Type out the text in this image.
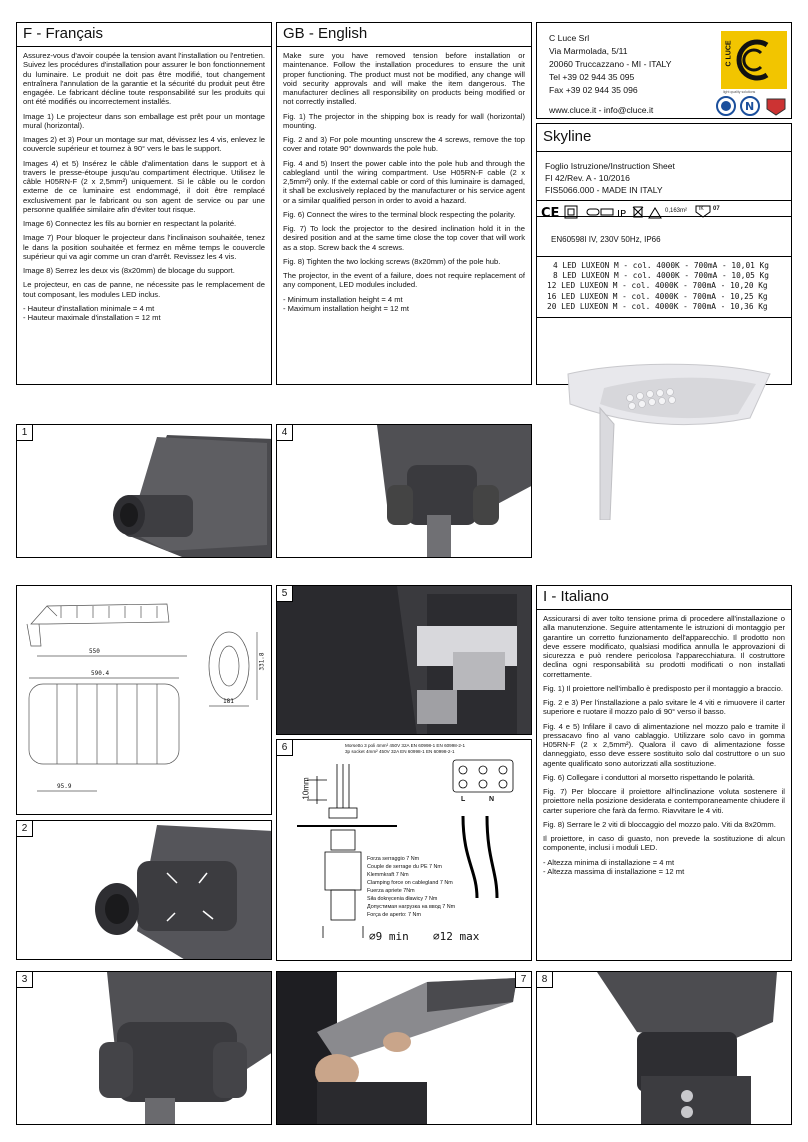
F - Français

Assurez-vous d'avoir coupée la tension avant l'installation ou l'entretien. Suivez les procédures d'installation pour assurer le bon fonctionnement du luminaire. Le produit ne doit pas être modifié, tout changement entraînera l'annulation de la garantie et la sécurité du produit peut être engagée. Le fabricant décline toute responsabilité sur les produits qui ont été modifiés ou incorrectement installés.

Image 1) Le projecteur dans son emballage est prêt pour un montage mural (horizontal).

Images 2) et 3) Pour un montage sur mat, dévissez les 4 vis, enlevez le couvercle supérieur et tournez à 90° vers le bas le support.

Images 4) et 5) Insérez le câble d'alimentation dans le support et à travers le presse-étoupe jusqu'au compartiment électrique. Utilisez le câble H05RN-F (2 x 2,5mm²) uniquement. Si le câble ou le cordon externe de ce luminaire est endommagé, il doit être remplacé exclusivement par le fabricant ou son agent de service ou par une personne qualifiée similaire afin d'éviter tout risque.

Image 6) Connectez les fils au bornier en respectant la polarité.

Image 7) Pour bloquer le projecteur dans l'inclinaison souhaitée, tenez le dans la position souhaitée et fermez en même temps le couvercle supérieur qui va agir comme un cran d'arrêt. Revissez les 4 vis.

Image 8) Serrez les deux vis (8x20mm) de blocage du support.

Le projecteur, en cas de panne, ne nécessite pas le remplacement de tout composant, les modules LED inclus.

- Hauteur d'installation minimale = 4 mt

- Hauteur maximale d'installation = 12 mt

GB - English

Make sure you have removed tension before installation or maintenance. Follow the installation procedures to ensure the unit proper functioning. The product must not be modified, any change will void security approvals and will make the item dangerous. The manufacturer declines all responsibility on products being modified or not correctly installed.

Fig. 1) The projector in the shipping box is ready for wall (horizontal) mounting.

Fig. 2 and 3) For pole mounting unscrew the 4 screws, remove the top cover and rotate 90° downwards the pole hub.

Fig. 4 and 5) Insert the power cable into the pole hub and through the cablegland until the wiring compartment. Use H05RN-F cable (2 x 2,5mm²) only. If the external cable or cord of this luminaire is damaged, it shall be exclusively replaced by the manufacturer or his service agent or a similar qualified person in order to avoid a hazard.

Fig. 6) Connect the wires to the terminal block respecting the polarity.

Fig. 7) To lock the projector to the desired inclination hold it in the desired position and at the same time close the top cover that will work as a stop. Screw back the 4 screws.

Fig. 8) Tighten the two locking screws (8x20mm) of the pole hub.

The projector, in the event of a failure, does not require replacement of any component, LED modules included.

- Minimum installation height = 4 mt

- Maximum installation height = 12 mt

C Luce Srl
Via Marmolada, 5/11
20060 Truccazzano - MI - ITALY
Tel +39 02 944 35 095
Fax +39 02 944 35 096
www.cluce.it - info@cluce.it
C LUCE
light quality solutions
N
Skyline
Foglio Istruzione/Instruction Sheet
FI 42/Rev. A - 10/2016
FIS5066.000 - MADE IN ITALY
CE	IP	0,163m² IK 07
EN60598I IV, 230V 50Hz, IP66
4 LED LUXEON M - col. 4000K - 700mA - 10,01 Kg
8 LED LUXEON M - col. 4000K - 700mA - 10,05 Kg
12 LED LUXEON M - col. 4000K - 700mA - 10,20 Kg
16 LED LUXEON M - col. 4000K - 700mA - 10,25 Kg
20 LED LUXEON M - col. 4000K - 700mA - 10,36 Kg
1	4
550
590.4
331.8
181
95.9
2
5
6	Morsetto 3 poli 4mm² 450V 32A EN 60998-1 EN 60998-2-1
3p socket 4mm² 450V 32A EN 60998-1 EN 60998-2-1
10mm	L	N
Forza serraggio 7 Nm
Couple de serrage du PE 7 Nm
Klemmkraft 7 Nm
Clamping force on cablegland 7 Nm
Fuerza apriete 7Nm
Siła dokręcenia dławicy 7 Nm
Допустимая нагрузка на ввод 7 Nm
Força de aperto: 7 Nm
∅9 min ∅12 max
I - Italiano

Assicurarsi di aver tolto tensione prima di procedere all'installazione o alla manutenzione. Seguire attentamente le istruzioni di montaggio per garantire un corretto funzionamento dell'apparecchio. Il prodotto non deve essere modificato, qualsiasi modifica annulla le approvazioni di sicurezza e può rendere pericolosa l'apparecchiatura. Il costruttore declina ogni responsabilità su prodotti modificati o non installati correttamente.

Fig. 1) Il proiettore nell'imballo è predisposto per il montaggio a braccio.

Fig. 2 e 3) Per l'installazione a palo svitare le 4 viti e rimuovere il carter superiore e ruotare il mozzo palo di 90° verso il basso.

Fig. 4 e 5) Infilare il cavo di alimentazione nel mozzo palo e tramite il pressacavo fino al vano cablaggio. Utilizzare solo cavo in gomma H05RN-F (2 x 2,5mm²). Qualora il cavo di alimentazione fosse danneggiato, esso deve essere sostituito solo dal costruttore o un suo agente qualificato sono autorizzati alla sostituzione.

Fig. 6) Collegare i conduttori al morsetto rispettando le polarità.

Fig. 7) Per bloccare il proiettore all'inclinazione voluta sostenere il proiettore nella posizione desiderata e contemporaneamente chiudere il carter superiore che farà da fermo. Riavvitare le 4 viti.

Fig. 8) Serrare le 2 viti di bloccaggio del mozzo palo. Viti da 8x20mm.

Il proiettore, in caso di guasto, non prevede la sostituzione di alcun componente, inclusi i moduli LED.

- Altezza minima di installazione = 4 mt

- Altezza massima di installazione = 12 mt

3	7	8
